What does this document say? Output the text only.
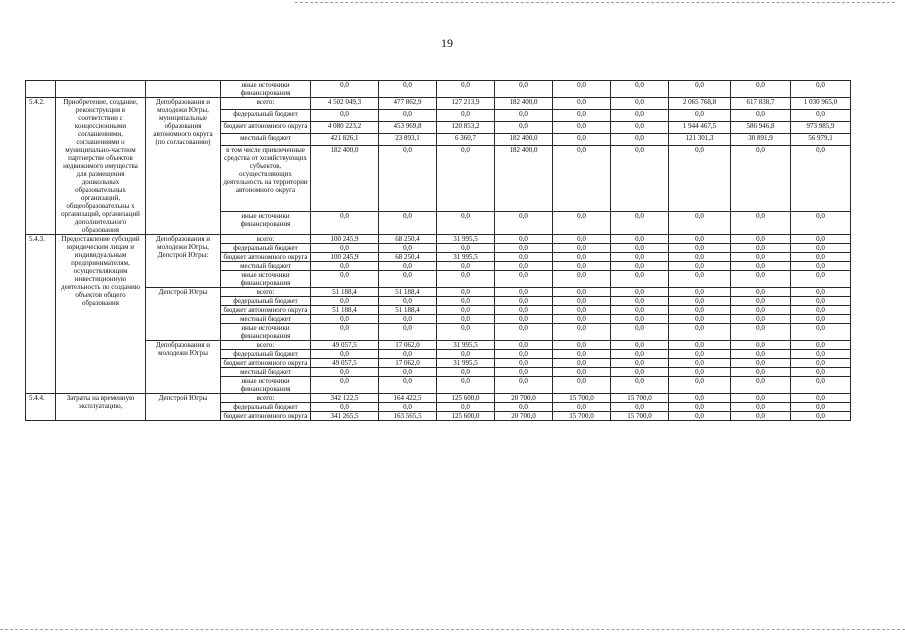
19
			иные источники финансирования	0,0	0,0	0,0	0,0	0,0	0,0	0,0	0,0	0,0
5.4.2.	Приобретение, создание, реконструкция в соответствии с концессионными соглашениями, соглашениями о муниципально-частном партнерстве объектов недвижимого имущества для размещения дошкольных образовательных организаций, общеобразовательны х организаций, организаций дополнительного образования	Депобразования и молодежи Югры, муниципальные образования автономного округа (по согласованию)	всего:	4 502 049,3	477 862,9	127 213,9	182 400,0	0,0	0,0	2 065 768,8	617 838,7	1 030 965,0
			федеральный бюджет	0,0	0,0	0,0	0,0	0,0	0,0	0,0	0,0	0,0
			бюджет автономного округа	4 080 223,2	453 969,8	120 853,2	0,0	0,0	0,0	1 944 467,5	586 946,8	973 985,9
			местный бюджет	421 826,1	23 893,1	6 360,7	182 400,0	0,0	0,0	121 301,3	30 891,9	56 979,1
			в том числе привлеченные средства от хозяйствующих субъектов, осуществляющих деятельность на территории автономного округа	182 400,0	0,0	0,0	182 400,0	0,0	0,0	0,0	0,0	0,0
			иные источники финансирования	0,0	0,0	0,0	0,0	0,0	0,0	0,0	0,0	0,0
5.4.3.	Предоставление субсидий юридическим лицам и индивидуальным предпринимателям, осуществляющим инвестиционную деятельность по созданию объектов общего образования	Депобразования и молодежи Югры, Депстрой Югры:	всего:	100 245,9	68 250,4	31 995,5	0,0	0,0	0,0	0,0	0,0	0,0
			федеральный бюджет	0,0	0,0	0,0	0,0	0,0	0,0	0,0	0,0	0,0
			бюджет автономного округа	100 245,9	68 250,4	31 995,5	0,0	0,0	0,0	0,0	0,0	0,0
			местный бюджет	0,0	0,0	0,0	0,0	0,0	0,0	0,0	0,0	0,0
			иные источники финансирования	0,0	0,0	0,0	0,0	0,0	0,0	0,0	0,0	0,0
		Депстрой Югры	всего:	51 188,4	51 188,4	0,0	0,0	0,0	0,0	0,0	0,0	0,0
			федеральный бюджет	0,0	0,0	0,0	0,0	0,0	0,0	0,0	0,0	0,0
			бюджет автономного округа	51 188,4	51 188,4	0,0	0,0	0,0	0,0	0,0	0,0	0,0
			местный бюджет	0,0	0,0	0,0	0,0	0,0	0,0	0,0	0,0	0,0
			иные источники финансирования	0,0	0,0	0,0	0,0	0,0	0,0	0,0	0,0	0,0
		Депобразования и молодежи Югры	всего:	49 057,5	17 062,0	31 995,5	0,0	0,0	0,0	0,0	0,0	0,0
			федеральный бюджет	0,0	0,0	0,0	0,0	0,0	0,0	0,0	0,0	0,0
			бюджет автономного округа	49 057,5	17 062,0	31 995,5	0,0	0,0	0,0	0,0	0,0	0,0
			местный бюджет	0,0	0,0	0,0	0,0	0,0	0,0	0,0	0,0	0,0
			иные источники финансирования	0,0	0,0	0,0	0,0	0,0	0,0	0,0	0,0	0,0
5.4.4.	Затраты на временную эксплуатацию,	Депстрой Югры	всего:	342 122,5	164 422,5	125 600,0	20 700,0	15 700,0	15 700,0	0,0	0,0	0,0
			федеральный бюджет	0,0	0,0	0,0	0,0	0,0	0,0	0,0	0,0	0,0
			бюджет автономного округа	341 265,5	163 565,5	125 600,0	20 700,0	15 700,0	15 700,0	0,0	0,0	0,0
